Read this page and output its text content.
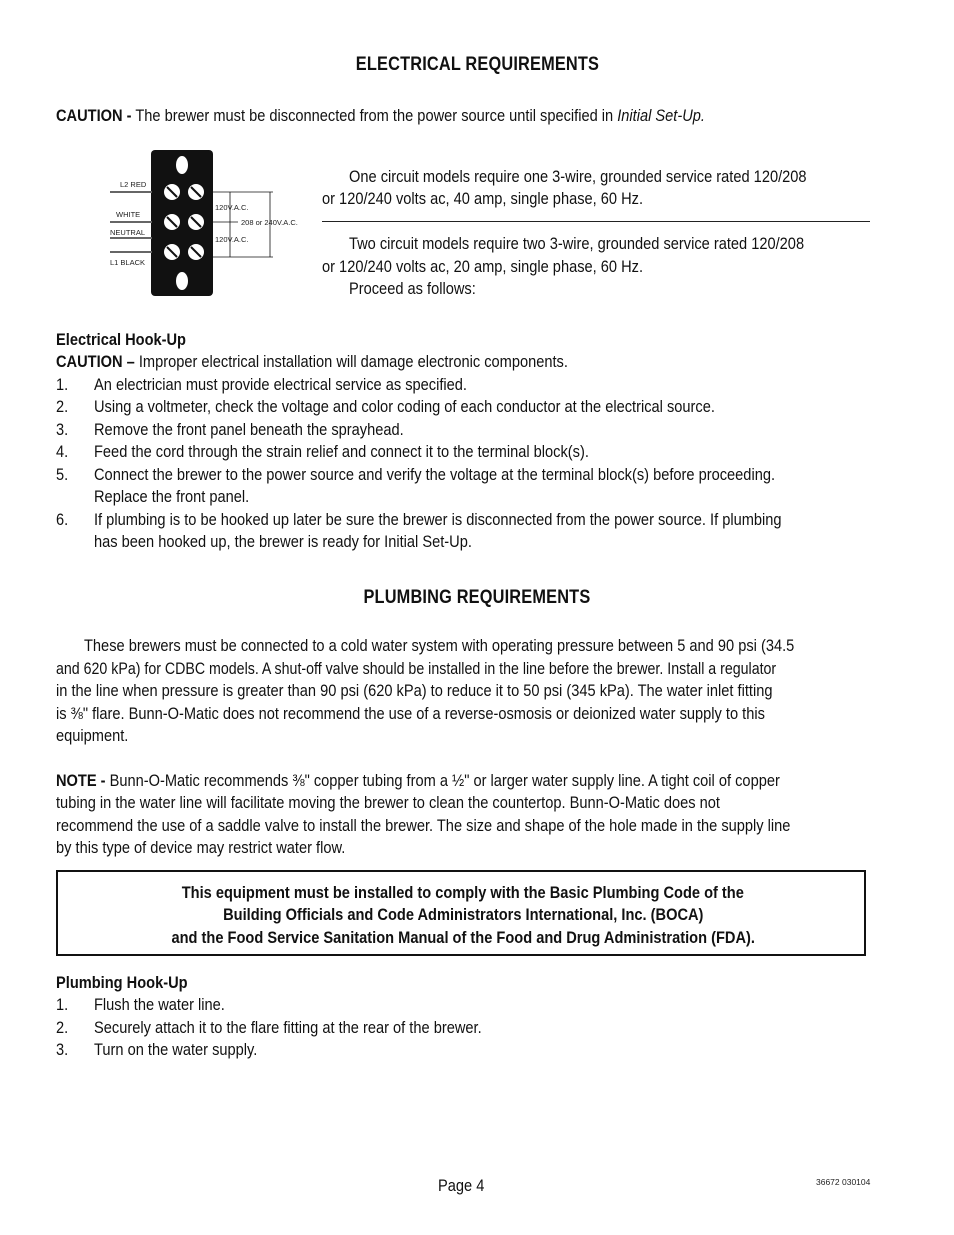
ELECTRICAL REQUIREMENTS
CAUTION - The brewer must be disconnected from the power source until specified in Initial Set-Up.
L2 RED
WHITE
NEUTRAL
L1 BLACK
120V.A.C.
120V.A.C.
208 or 240V.A.C.
One circuit models require one 3-wire, grounded service rated 120/208
or 120/240 volts ac, 40 amp, single phase, 60 Hz.
Two circuit models require two 3-wire, grounded service rated 120/208
or 120/240 volts ac, 20 amp, single phase, 60 Hz.
Proceed as follows:
Electrical Hook-Up
CAUTION – Improper electrical installation will damage electronic components.
1. An electrician must provide electrical service as specified.
2. Using a voltmeter, check the voltage and color coding of each conductor at the electrical source.
3. Remove the front panel beneath the sprayhead.
4. Feed the cord through the strain relief and connect it to the terminal block(s).
5. Connect the brewer to the power source and verify the voltage at the terminal block(s) before proceeding.
Replace the front panel.
6. If plumbing is to be hooked up later be sure the brewer is disconnected from the power source. If plumbing
has been hooked up, the brewer is ready for Initial Set-Up.
PLUMBING REQUIREMENTS
These brewers must be connected to a cold water system with operating pressure between 5 and 90 psi (34.5
and 620 kPa) for CDBC models. A shut-off valve should be installed in the line before the brewer. Install a regulator
in the line when pressure is greater than 90 psi (620 kPa) to reduce it to 50 psi (345 kPa). The water inlet fitting
is ⅜" flare. Bunn-O-Matic does not recommend the use of a reverse-osmosis or deionized water supply to this
equipment.
NOTE - Bunn-O-Matic recommends ⅜" copper tubing from a ½" or larger water supply line. A tight coil of copper
tubing in the water line will facilitate moving the brewer to clean the countertop. Bunn-O-Matic does not
recommend the use of a saddle valve to install the brewer. The size and shape of the hole made in the supply line
by this type of device may restrict water flow.
This equipment must be installed to comply with the Basic Plumbing Code of the
Building Officials and Code Administrators International, Inc. (BOCA)
and the Food Service Sanitation Manual of the Food and Drug Administration (FDA).
Plumbing Hook-Up
1. Flush the water line.
2. Securely attach it to the flare fitting at the rear of the brewer.
3. Turn on the water supply.
Page 4	36672 030104
